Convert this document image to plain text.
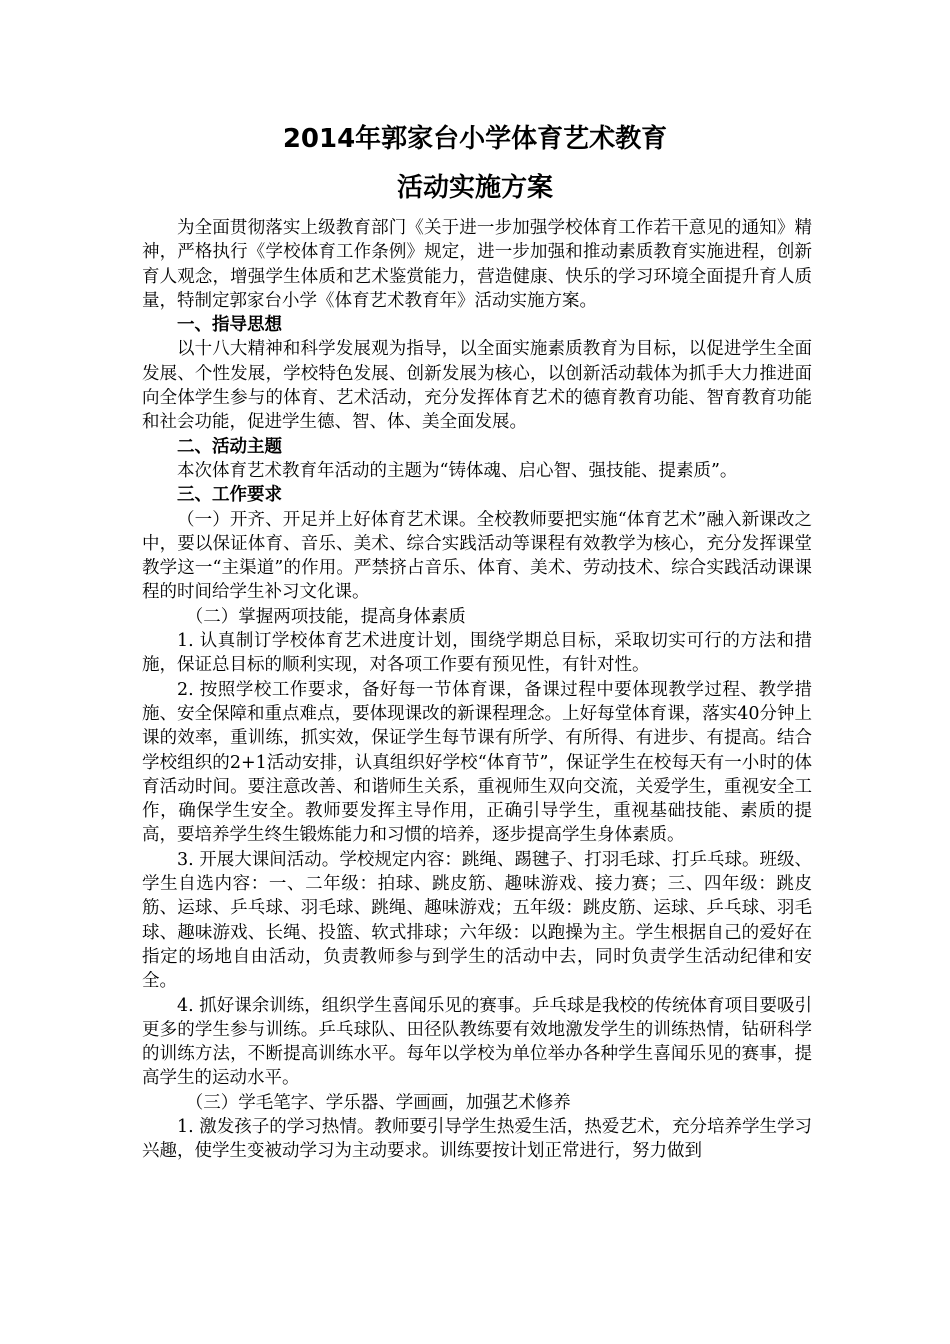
2014年郭家台小学体育艺术教育
活动实施方案

为全面贯彻落实上级教育部门《关于进一步加强学校体育工作若干意见的通知》精神，严格执行《学校体育工作条例》规定，进一步加强和推动素质教育实施进程，创新育人观念，增强学生体质和艺术鉴赏能力，营造健康、快乐的学习环境全面提升育人质量，特制定郭家台小学《体育艺术教育年》活动实施方案。

一、指导思想

以十八大精神和科学发展观为指导，以全面实施素质教育为目标，以促进学生全面发展、个性发展，学校特色发展、创新发展为核心，以创新活动载体为抓手大力推进面向全体学生参与的体育、艺术活动，充分发挥体育艺术的德育教育功能、智育教育功能和社会功能，促进学生德、智、体、美全面发展。

二、活动主题

本次体育艺术教育年活动的主题为“铸体魂、启心智、强技能、提素质”。

三、工作要求

（一）开齐、开足并上好体育艺术课。全校教师要把实施“体育艺术”融入新课改之中，要以保证体育、音乐、美术、综合实践活动等课程有效教学为核心，充分发挥课堂教学这一“主渠道”的作用。严禁挤占音乐、体育、美术、劳动技术、综合实践活动课课程的时间给学生补习文化课。

（二）掌握两项技能，提高身体素质

1. 认真制订学校体育艺术进度计划，围绕学期总目标，采取切实可行的方法和措施，保证总目标的顺利实现，对各项工作要有预见性，有针对性。

2. 按照学校工作要求，备好每一节体育课，备课过程中要体现教学过程、教学措施、安全保障和重点难点，要体现课改的新课程理念。上好每堂体育课，落实40分钟上课的效率，重训练，抓实效，保证学生每节课有所学、有所得、有进步、有提高。结合学校组织的2+1活动安排，认真组织好学校“体育节”，保证学生在校每天有一小时的体育活动时间。要注意改善、和谐师生关系，重视师生双向交流，关爱学生，重视安全工作，确保学生安全。教师要发挥主导作用，正确引导学生，重视基础技能、素质的提高，要培养学生终生锻炼能力和习惯的培养，逐步提高学生身体素质。

3. 开展大课间活动。学校规定内容：跳绳、踢毽子、打羽毛球、打乒乓球。班级、学生自选内容：一、二年级：拍球、跳皮筋、趣味游戏、接力赛；三、四年级：跳皮筋、运球、乒乓球、羽毛球、跳绳、趣味游戏；五年级：跳皮筋、运球、乒乓球、羽毛球、趣味游戏、长绳、投篮、软式排球；六年级：以跑操为主。学生根据自己的爱好在指定的场地自由活动，负责教师参与到学生的活动中去，同时负责学生活动纪律和安全。

4. 抓好课余训练，组织学生喜闻乐见的赛事。乒乓球是我校的传统体育项目要吸引更多的学生参与训练。乒乓球队、田径队教练要有效地激发学生的训练热情，钻研科学的训练方法，不断提高训练水平。每年以学校为单位举办各种学生喜闻乐见的赛事，提高学生的运动水平。

（三）学毛笔字、学乐器、学画画，加强艺术修养

1. 激发孩子的学习热情。教师要引导学生热爱生活，热爱艺术，充分培养学生学习兴趣，使学生变被动学习为主动要求。训练要按计划正常进行，努力做到
